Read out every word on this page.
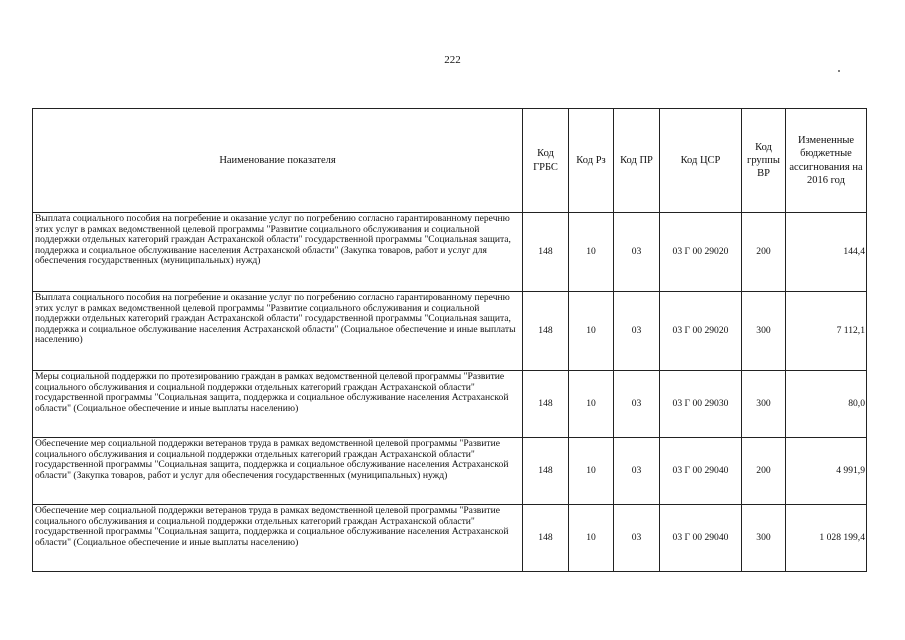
222
Наименование показателя	Код ГРБС	Код Рз	Код ПР	Код ЦСР	Код группы ВР	Измененные бюджетные ассигнования на 2016 год
Выплата социального пособия на погребение и оказание услуг по погребению согласно гарантированному перечню этих услуг в рамках ведомственной целевой программы "Развитие социального обслуживания и социальной поддержки отдельных категорий граждан Астраханской области" государственной программы "Социальная защита, поддержка и социальное обслуживание населения Астраханской области" (Закупка товаров, работ и услуг для обеспечения государственных (муниципальных) нужд)	148	10	03	03 Г 00 29020	200	144,4
Выплата социального пособия на погребение и оказание услуг по погребению согласно гарантированному перечню этих услуг в рамках ведомственной целевой программы "Развитие социального обслуживания и социальной поддержки отдельных категорий граждан Астраханской области" государственной программы "Социальная защита, поддержка и социальное обслуживание населения Астраханской области" (Социальное обеспечение и иные выплаты населению)	148	10	03	03 Г 00 29020	300	7 112,1
Меры социальной поддержки по протезированию граждан в рамках ведомственной целевой программы "Развитие социального обслуживания и социальной поддержки отдельных категорий граждан Астраханской области" государственной программы "Социальная защита, поддержка и социальное обслуживание населения Астраханской области" (Социальное обеспечение и иные выплаты населению)	148	10	03	03 Г 00 29030	300	80,0
Обеспечение мер социальной поддержки ветеранов труда в рамках ведомственной целевой программы "Развитие социального обслуживания и социальной поддержки отдельных категорий граждан Астраханской области" государственной программы "Социальная защита, поддержка и социальное обслуживание населения Астраханской области" (Закупка товаров, работ и услуг для обеспечения государственных (муниципальных) нужд)	148	10	03	03 Г 00 29040	200	4 991,9
Обеспечение мер социальной поддержки ветеранов труда в рамках ведомственной целевой программы "Развитие социального обслуживания и социальной поддержки отдельных категорий граждан Астраханской области" государственной программы "Социальная защита, поддержка и социальное обслуживание населения Астраханской области" (Социальное обеспечение и иные выплаты населению)	148	10	03	03 Г 00 29040	300	1 028 199,4
